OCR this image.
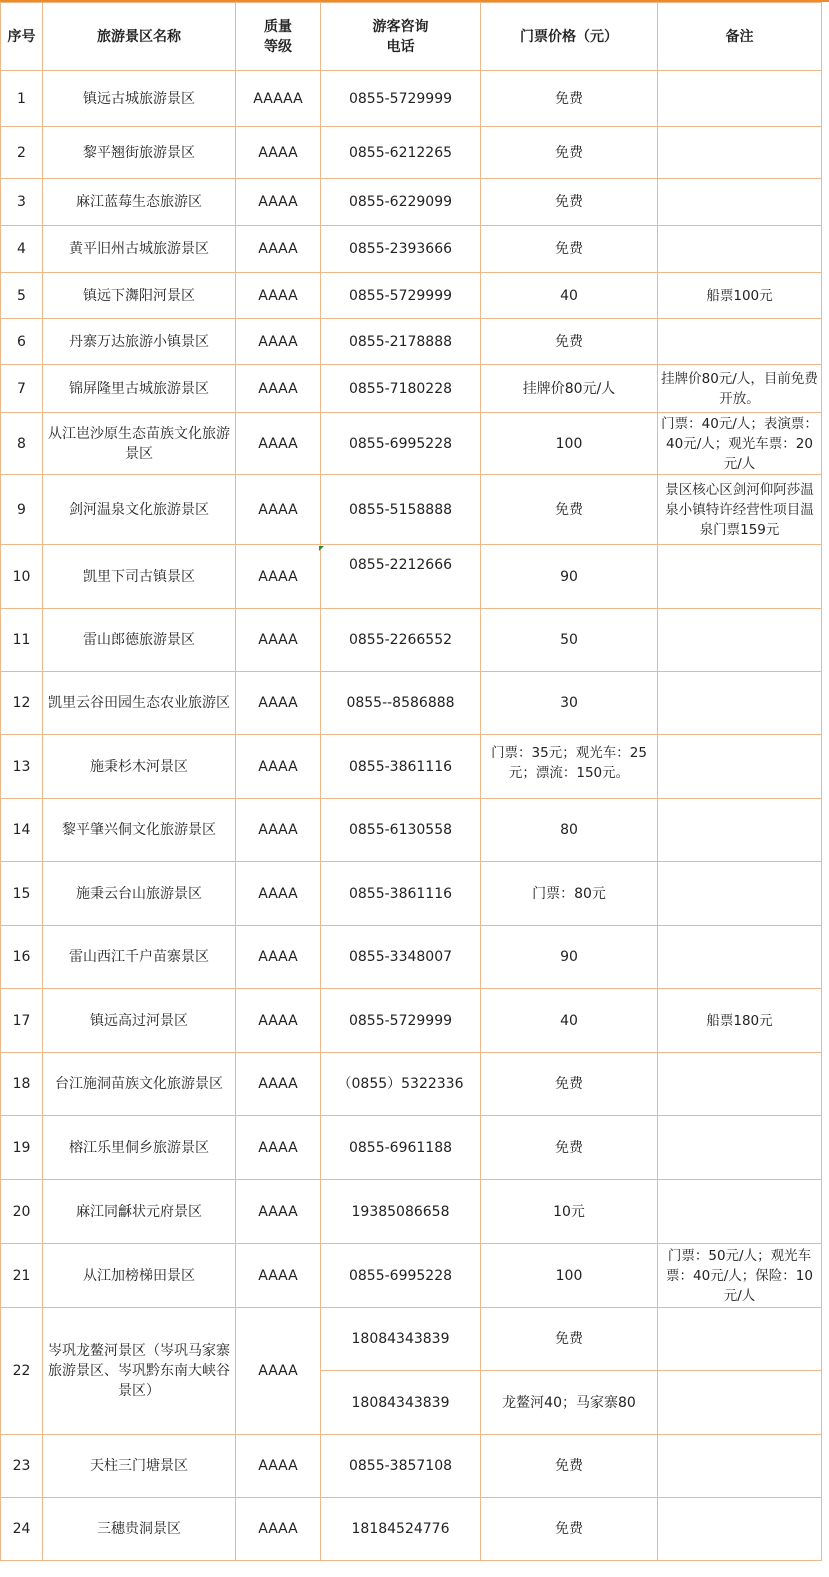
序号	旅游景区名称	质量等级	游客咨询电话	门票价格（元）	备注
1	镇远古城旅游景区	AAAAA	0855-5729999	免费	
2	黎平翘街旅游景区	AAAA	0855-6212265	免费	
3	麻江蓝莓生态旅游区	AAAA	0855-6229099	免费	
4	黄平旧州古城旅游景区	AAAA	0855-2393666	免费	
5	镇远下㵲阳河景区	AAAA	0855-5729999	40	船票100元
6	丹寨万达旅游小镇景区	AAAA	0855-2178888	免费	
7	锦屏隆里古城旅游景区	AAAA	0855-7180228	挂牌价80元/人	挂牌价80元/人，目前免费开放。
8	从江岜沙原生态苗族文化旅游景区	AAAA	0855-6995228	100	门票：40元/人；表演票：40元/人；观光车票：20元/人
9	剑河温泉文化旅游景区	AAAA	0855-5158888	免费	景区核心区剑河仰阿莎温泉小镇特许经营性项目温泉门票159元
10	凯里下司古镇景区	AAAA	0855-2212666	90	
11	雷山郎德旅游景区	AAAA	0855-2266552	50	
12	凯里云谷田园生态农业旅游区	AAAA	0855--8586888	30	
13	施秉杉木河景区	AAAA	0855-3861116	门票：35元；观光车：25元；漂流：150元。	
14	黎平肇兴侗文化旅游景区	AAAA	0855-6130558	80	
15	施秉云台山旅游景区	AAAA	0855-3861116	门票：80元	
16	雷山西江千户苗寨景区	AAAA	0855-3348007	90	
17	镇远高过河景区	AAAA	0855-5729999	40	船票180元
18	台江施洞苗族文化旅游景区	AAAA	（0855）5322336	免费	
19	榕江乐里侗乡旅游景区	AAAA	0855-6961188	免费	
20	麻江同龢状元府景区	AAAA	19385086658	10元	
21	从江加榜梯田景区	AAAA	0855-6995228	100	门票：50元/人；观光车票：40元/人；保险：10元/人
22	岑巩龙鳌河景区（岑巩马家寨旅游景区、岑巩黔东南大峡谷景区）	AAAA	18084343839	免费	
			18084343839	龙鳌河40；马家寨80	
23	天柱三门塘景区	AAAA	0855-3857108	免费	
24	三穗贵洞景区	AAAA	18184524776	免费	
